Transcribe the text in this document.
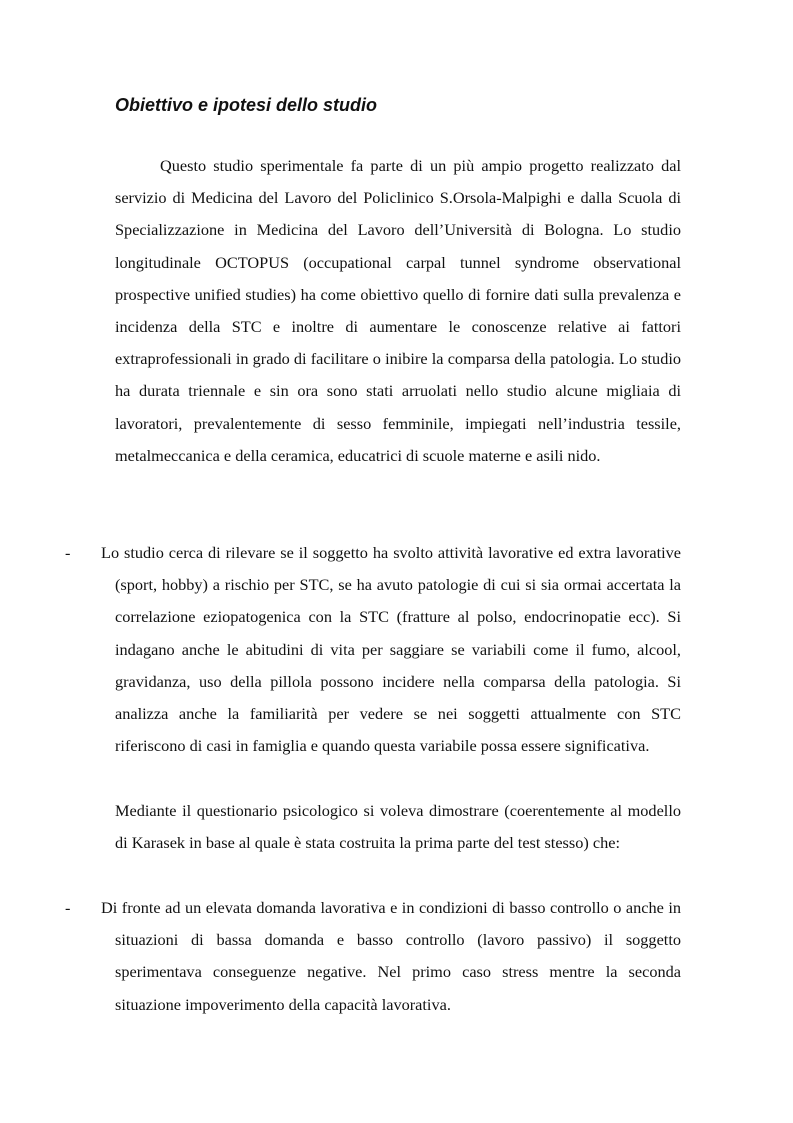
Obiettivo e ipotesi dello studio

Questo studio sperimentale fa parte di un più ampio progetto realizzato dal servizio di Medicina del Lavoro del Policlinico S.Orsola-Malpighi e dalla Scuola di Specializzazione in Medicina del Lavoro dell’Università di Bologna. Lo studio longitudinale OCTOPUS (occupational carpal tunnel syndrome observational prospective unified studies) ha come obiettivo quello di fornire dati sulla prevalenza e incidenza della STC e inoltre di aumentare le conoscenze relative ai fattori extraprofessionali in grado di facilitare o inibire la comparsa della patologia. Lo studio ha durata triennale e sin ora sono stati arruolati nello studio alcune migliaia di lavoratori, prevalentemente di sesso femminile, impiegati nell’industria tessile, metalmeccanica e della ceramica, educatrici di scuole materne e asili nido.

- Lo studio cerca di rilevare se il soggetto ha svolto attività lavorative ed extra lavorative (sport, hobby) a rischio per STC, se ha avuto patologie di cui si sia ormai accertata la correlazione eziopatogenica con la STC (fratture al polso, endocrinopatie ecc). Si indagano anche le abitudini di vita per saggiare se variabili come il fumo, alcool, gravidanza, uso della pillola possono incidere nella comparsa della patologia. Si analizza anche la familiarità per vedere se nei soggetti attualmente con STC riferiscono di casi in famiglia e quando questa variabile possa essere significativa.

Mediante il questionario psicologico si voleva dimostrare (coerentemente al modello di Karasek in base al quale è stata costruita la prima parte del test stesso) che:

- Di fronte ad un elevata domanda lavorativa e in condizioni di basso controllo o anche in situazioni di bassa domanda e basso controllo (lavoro passivo) il soggetto sperimentava conseguenze negative. Nel primo caso stress mentre la seconda situazione impoverimento della capacità lavorativa.
